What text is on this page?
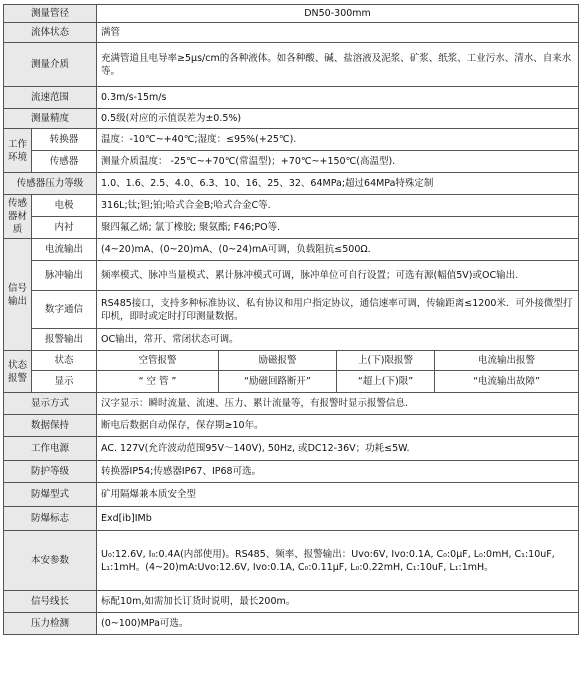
测量管径		DN50-300mm			
流体状态		满管			
测量介质		充满管道且电导率≥5μs/cm的各种液体。如各种酸、碱、盐溶液及泥浆、矿浆、纸浆、工业污水、清水、自来水等。			
流速范围		0.3m/s-15m/s			
测量精度		0.5级(对应的示值误差为±0.5%)			
工作环境	转换器	温度：-10℃~+40℃;湿度：≤95%(+25℃).			
	传感器	测量介质温度： -25℃~+70℃(常温型)；+70℃~+150℃(高温型).			
传感器压力等级		1.0、1.6、2.5、4.0、6.3、10、16、25、32、64MPa;超过64MPa特殊定制			
传感器材质	电极	316L;钛;钽;铂;哈式合金B;哈式合金C等.			
	内衬	聚四氟乙烯; 氯丁橡胶; 聚氨酯; F46;PO等.			
信号输出	电流输出	(4~20)mA、(0~20)mA、(0~24)mA可调，负载阻抗≤500Ω.			
	脉冲输出	频率模式、脉冲当量模式、累计脉冲模式可调，脉冲单位可自行设置；可选有源(幅值5V)或OC输出.			
	数字通信	RS485接口，支持多种标准协议、私有协议和用户指定协议，通信速率可调，传输距离≤1200米．可外接微型打印机，即时或定时打印测量数据。			
	报警输出	OC输出，常开、常闭状态可调。			
状态报警	状态	空管报警	励磁报警	上(下)限报警	电流输出报警
	显示	“ 空 管 ”	“励磁回路断开”	“超上(下)限”	“电流输出故障”
显示方式		汉字显示：瞬时流量、流速、压力、累计流量等，有报警时显示报警信息.			
数据保持		断电后数据自动保存，保存期≥10年。			
工作电源		AC. 127V(允许波动范围95V～140V), 50Hz, 或DC12-36V；功耗≤5W.			
防护等级		转换器IP54;传感器IP67、IP68可选。			
防爆型式		矿用隔爆兼本质安全型			
防爆标志		Exd[ib]IMb			
本安参数		U₀:12.6V, I₀:0.4A(内部使用)。RS485、频率、报警输出：Uvo:6V, Ivo:0.1A, C₀:0μF, L₀:0mH, C₁:10uF, L₁:1mH。(4~20)mA:Uvo:12.6V, Ivo:0.1A, C₀:0.11μF, L₀:0.22mH, C₁:10uF, L₁:1mH。			
信号线长		标配10m,如需加长订货时说明，最长200m。			
压力检测		(0~100)MPa可选。			
